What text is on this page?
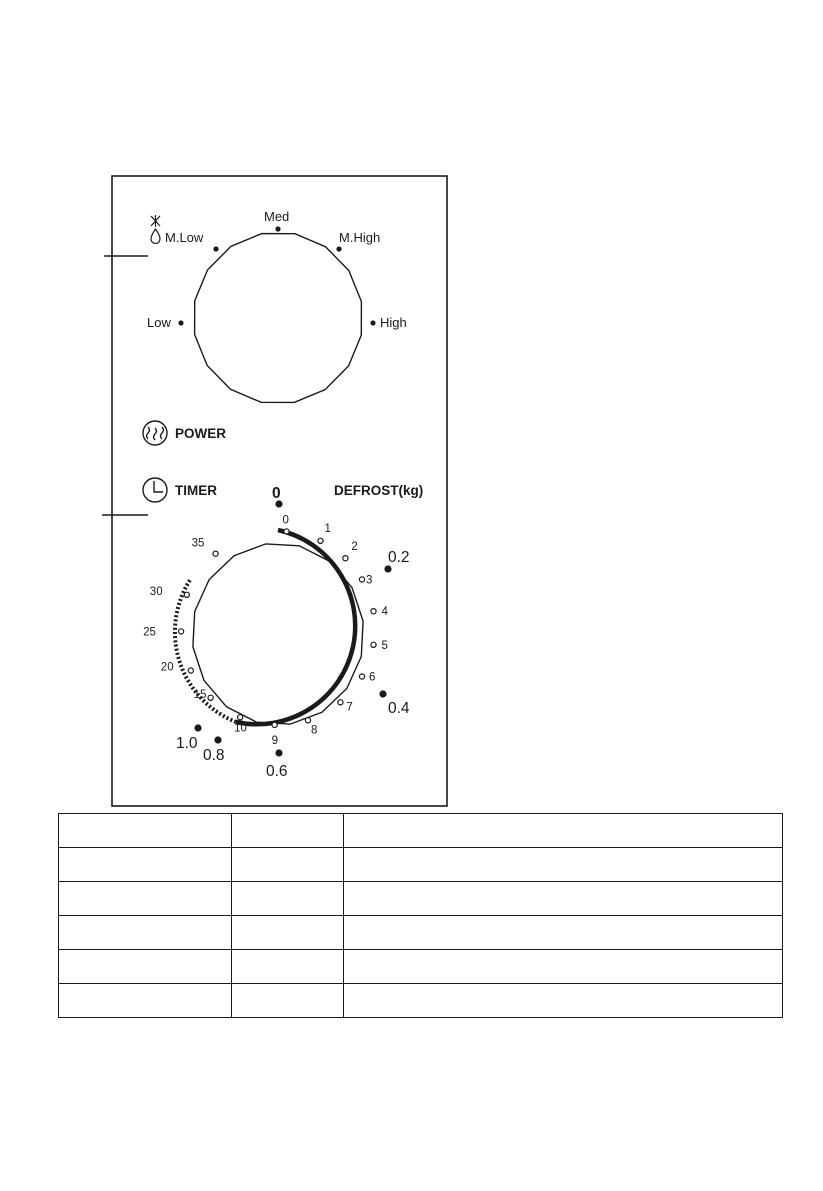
Low
M.Low
Med
M.High
High
POWER
TIMER	DEFROST(kg)
0
1
2
3
4
5
6
7
8
9
10
15
20
25
30
35
0
0.2
0.4
0.6
0.8
1.0
